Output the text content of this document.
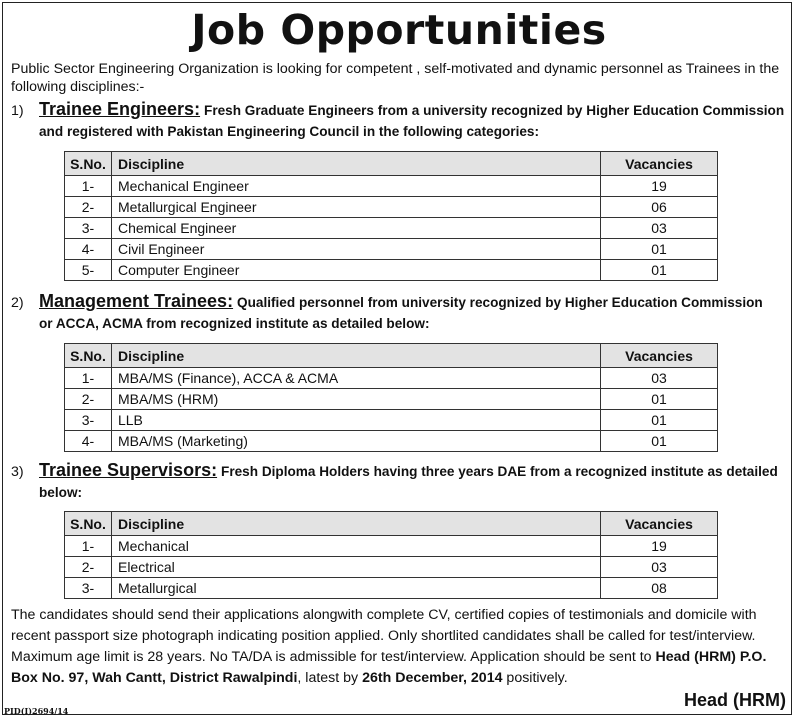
Job Opportunities
Public Sector Engineering Organization is looking for competent , self-motivated and dynamic personnel as Trainees in the following disciplines:-
1) Trainee Engineers: Fresh Graduate Engineers from a university recognized by Higher Education Commission
and registered with Pakistan Engineering Council in the following categories:
S.No.	Discipline	Vacancies
1-	Mechanical Engineer	19
2-	Metallurgical Engineer	06
3-	Chemical Engineer	03
4-	Civil Engineer	01
5-	Computer Engineer	01
2) Management Trainees: Qualified personnel from university recognized by Higher Education Commission
or ACCA, ACMA from recognized institute as detailed below:
S.No.	Discipline	Vacancies
1-	MBA/MS (Finance), ACCA & ACMA	03
2-	MBA/MS (HRM)	01
3-	LLB	01
4-	MBA/MS (Marketing)	01
3) Trainee Supervisors: Fresh Diploma Holders having three years DAE from a recognized institute as detailed
below:
S.No.	Discipline	Vacancies
1-	Mechanical	19
2-	Electrical	03
3-	Metallurgical	08
The candidates should send their applications alongwith complete CV, certified copies of testimonials and domicile with recent passport size photograph indicating position applied. Only shortlited candidates shall be called for test/interview. Maximum age limit is 28 years. No TA/DA is admissible for test/interview. Application should be sent to Head (HRM) P.O. Box No. 97, Wah Cantt, District Rawalpindi, latest by 26th December, 2014 positively.
Head (HRM)
PID(I)2694/14
